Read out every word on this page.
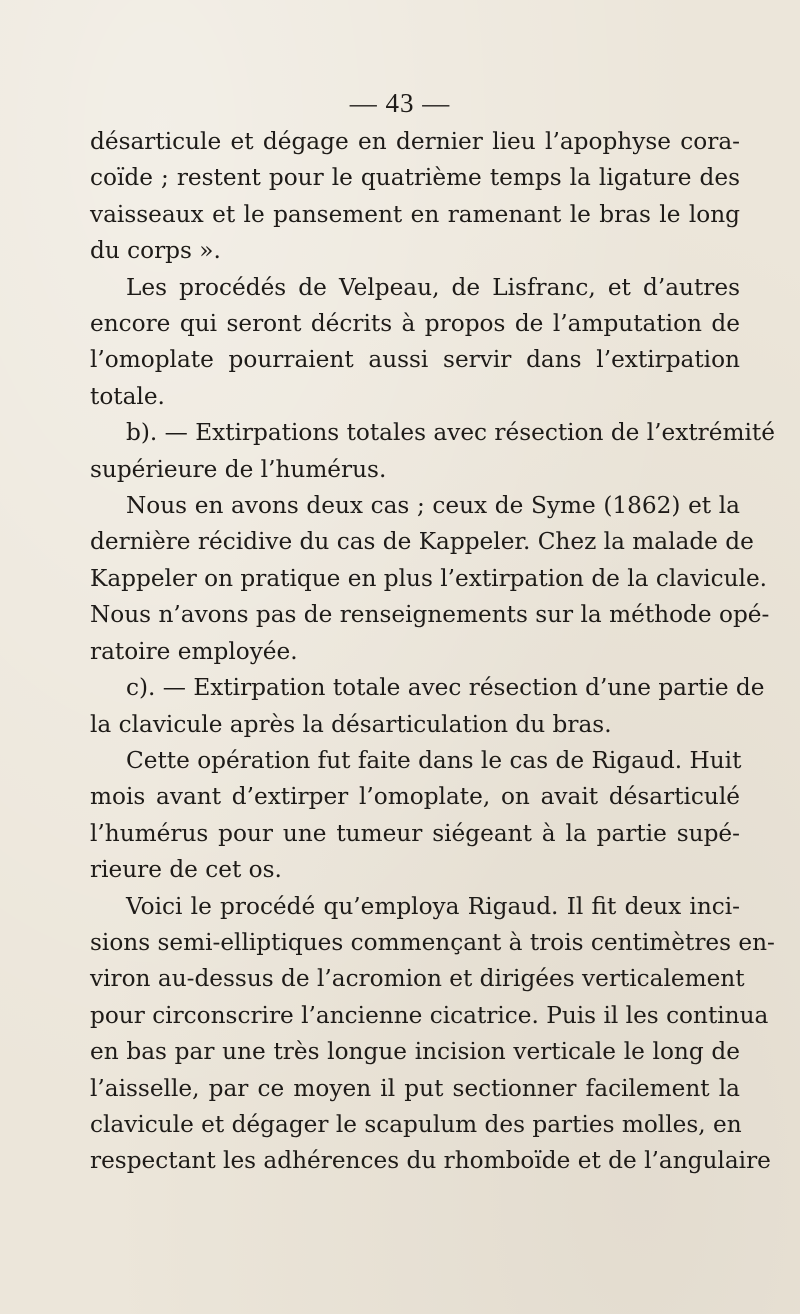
— 43 —
désarticule et dégage en dernier lieu l’apophyse cora-
coïde ; restent pour le quatrième temps la ligature des
vaisseaux et le pansement en ramenant le bras le long
du corps ».
Les procédés de Velpeau, de Lisfranc, et d’autres
encore qui seront décrits à propos de l’amputation de
l’omoplate pourraient aussi servir dans l’extirpation
totale.
b). — Extirpations totales avec résection de l’extrémité
supérieure de l’humérus.
Nous en avons deux cas ; ceux de Syme (1862) et la
dernière récidive du cas de Kappeler. Chez la malade de
Kappeler on pratique en plus l’extirpation de la clavicule.
Nous n’avons pas de renseignements sur la méthode opé-
ratoire employée.
c). — Extirpation totale avec résection d’une partie de
la clavicule après la désarticulation du bras.
Cette opération fut faite dans le cas de Rigaud. Huit
mois avant d’extirper l’omoplate, on avait désarticulé
l’humérus pour une tumeur siégeant à la partie supé-
rieure de cet os.
Voici le procédé qu’employa Rigaud. Il fit deux inci-
sions semi-elliptiques commençant à trois centimètres en-
viron au-dessus de l’acromion et dirigées verticalement
pour circonscrire l’ancienne cicatrice. Puis il les continua
en bas par une très longue incision verticale le long de
l’aisselle, par ce moyen il put sectionner facilement la
clavicule et dégager le scapulum des parties molles, en
respectant les adhérences du rhomboïde et de l’angulaire
